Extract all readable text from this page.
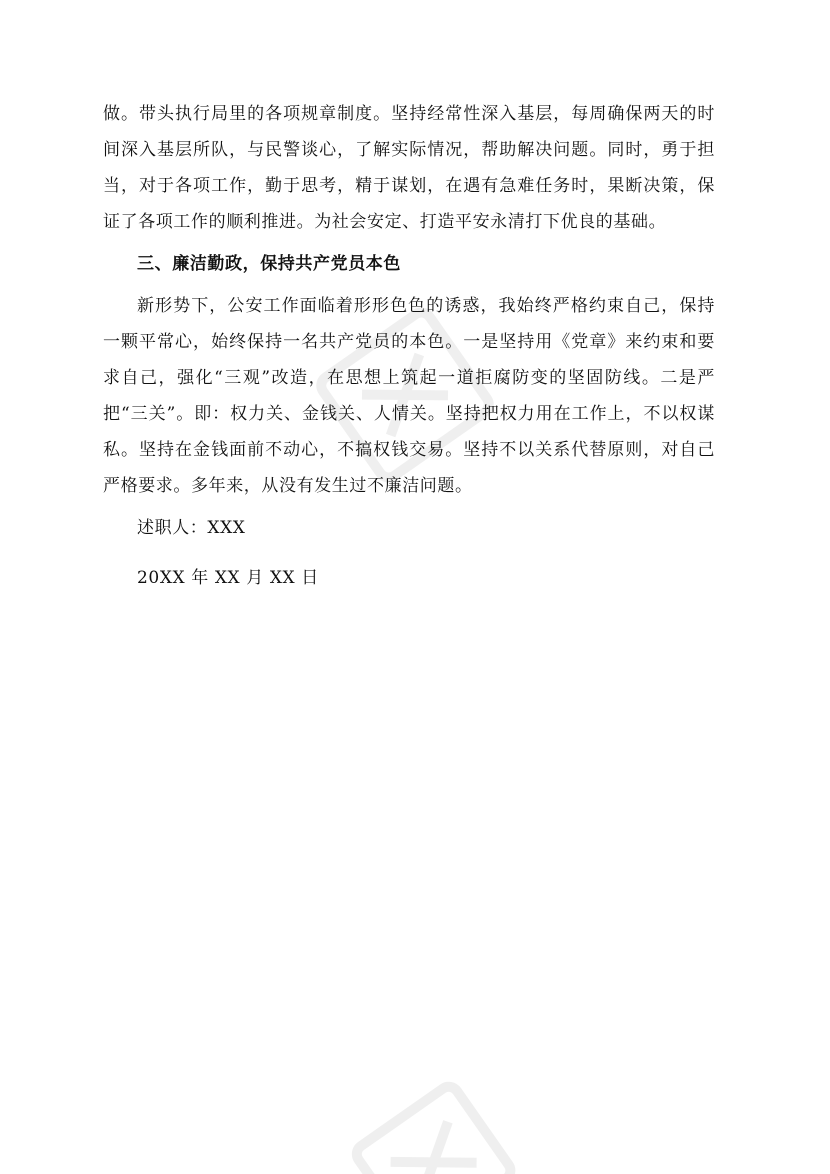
做。带头执行局里的各项规章制度。坚持经常性深入基层，每周确保两天的时间深入基层所队，与民警谈心，了解实际情况，帮助解决问题。同时，勇于担当，对于各项工作，勤于思考，精于谋划，在遇有急难任务时，果断决策，保证了各项工作的顺利推进。为社会安定、打造平安永清打下优良的基础。

三、廉洁勤政，保持共产党员本色

新形势下，公安工作面临着形形色色的诱惑，我始终严格约束自己，保持一颗平常心，始终保持一名共产党员的本色。一是坚持用《党章》来约束和要求自己，强化“三观”改造，在思想上筑起一道拒腐防变的坚固防线。二是严把“三关”。即：权力关、金钱关、人情关。坚持把权力用在工作上，不以权谋私。坚持在金钱面前不动心，不搞权钱交易。坚持不以关系代替原则，对自己严格要求。多年来，从没有发生过不廉洁问题。

述职人：XXX

20XX 年 XX 月 XX 日
